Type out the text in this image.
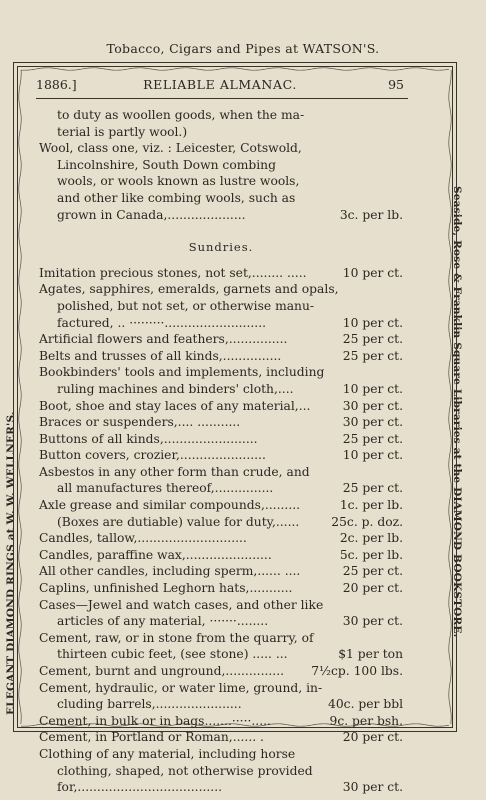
Tobacco, Cigars and Pipes at WATSON'S.
ELEGANT DIAMOND RINGS at W. W. WELLNER'S.	Seaside, Rose & Franklin Square Libraries at the DIAMOND BOOKSTORE.
1886.]	RELIABLE ALMANAC.	95
to duty as woollen goods, when the ma-
terial is partly wool.)
Wool, class one, viz. : Leicester, Cotswold,
Lincolnshire, South Down combing
wools, or wools known as lustre wools,
and other like combing wools, such as
grown in Canada,....................	3c. per lb.
Sundries.
Imitation precious stones, not set,........ .....	10 per ct.
Agates, sapphires, emeralds, garnets and opals,
polished, but not set, or otherwise manu-
factured, .. ·········..........................	10 per ct.
Artificial flowers and feathers,...............	25 per ct.
Belts and trusses of all kinds,...............	25 per ct.
Bookbinders' tools and implements, including
ruling machines and binders' cloth,....	10 per ct.
Boot, shoe and stay laces of any material,...	30 per ct.
Braces or suspenders,.... ...........	30 per ct.
Buttons of all kinds,........................	25 per ct.
Button covers, crozier,......................	10 per ct.
Asbestos in any other form than crude, and
all manufactures thereof,...............	25 per ct.
Axle grease and similar compounds,.........	1c. per lb.
(Boxes are dutiable) value for duty,......	25c. p. doz.
Candles, tallow,............................	2c. per lb.
Candles, paraffine wax,......................	5c. per lb.
All other candles, including sperm,...... ....	25 per ct.
Caplins, unfinished Leghorn hats,...........	20 per ct.
Cases—Jewel and watch cases, and other like
articles of any material, ·······........	30 per ct.
Cement, raw, or in stone from the quarry, of
thirteen cubic feet, (see stone) ..... ...	$1 per ton
Cement, burnt and unground,............... 7½cp. 100 lbs.
Cement, hydraulic, or water lime, ground, in-
cluding barrels,......................	40c. per bbl
Cement, in bulk or in bags.......·····.....	9c. per bsh.
Cement, in Portland or Roman,...... .	20 per ct.
Clothing of any material, including horse
clothing, shaped, not otherwise provided
for,.....................................	30 per ct.
